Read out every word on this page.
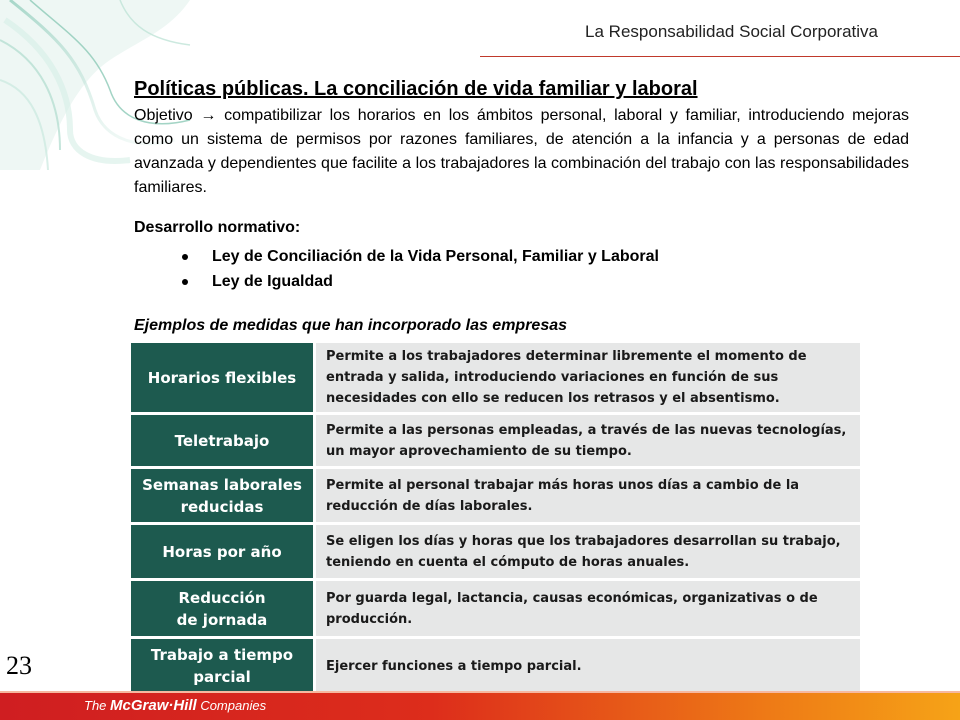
La Responsabilidad Social Corporativa
Políticas públicas. La conciliación de vida familiar y laboral
Objetivo → compatibilizar los horarios en los ámbitos personal, laboral y familiar, introduciendo mejoras como un sistema de permisos por razones familiares, de atención a la infancia y a personas de edad avanzada y dependientes que facilite a los trabajadores la combinación del trabajo con las responsabilidades familiares.
Desarrollo normativo:
Ley de Conciliación de la Vida Personal, Familiar y Laboral
Ley de Igualdad
Ejemplos de medidas que han incorporado las empresas
Horarios flexibles	Permite a los trabajadores determinar libremente el momento de entrada y salida, introduciendo variaciones en función de sus necesidades con ello se reducen los retrasos y el absentismo.

Teletrabajo	Permite a las personas empleadas, a través de las nuevas tecnologías, un mayor aprovechamiento de su tiempo.

Semanas laborales
reducidas	Permite al personal trabajar más horas unos días a cambio de la reducción de días laborales.

Horas por año	Se eligen los días y horas que los trabajadores desarrollan su trabajo, teniendo en cuenta el cómputo de horas anuales.

Reducción
de jornada	Por guarda legal, lactancia, causas económicas, organizativas o de producción.

Trabajo a tiempo
parcial	Ejercer funciones a tiempo parcial.
23
The McGraw·Hill Companies
